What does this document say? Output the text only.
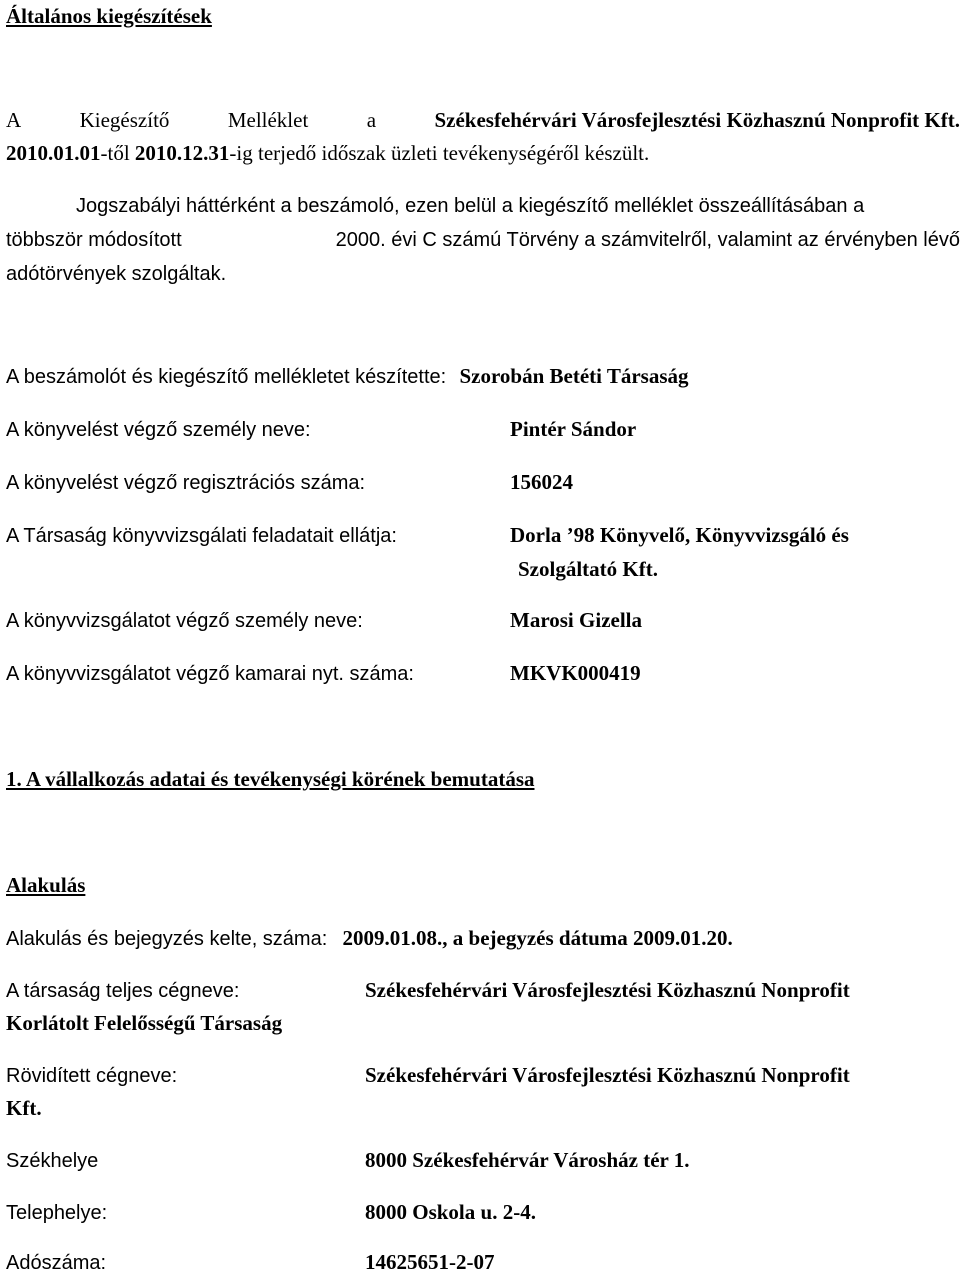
Általános kiegészítések
A	Kiegészítő	Melléklet	a	Székesfehérvári Városfejlesztési Közhasznú Nonprofit Kft.
2010.01.01-től 2010.12.31-ig terjedő időszak üzleti tevékenységéről készült.
Jogszabályi háttérként a beszámoló, ezen belül a kiegészítő melléklet összeállításában a
többször módosított	2000. évi C számú Törvény a számvitelről, valamint az érvényben lévő
adótörvények szolgáltak.
A beszámolót és kiegészítő mellékletet készítette: Szorobán Betéti Társaság
A könyvelést végző személy neve:	Pintér Sándor
A könyvelést végző regisztrációs száma:	156024
A Társaság könyvvizsgálati feladatait ellátja:	Dorla ’98 Könyvelő, Könyvvizsgáló és
Szolgáltató Kft.
A könyvvizsgálatot végző személy neve:	Marosi Gizella
A könyvvizsgálatot végző kamarai nyt. száma:	MKVK000419
1. A vállalkozás adatai és tevékenységi körének bemutatása
Alakulás
Alakulás és bejegyzés kelte, száma: 2009.01.08., a bejegyzés dátuma 2009.01.20.
A társaság teljes cégneve:	Székesfehérvári Városfejlesztési Közhasznú Nonprofit
Korlátolt Felelősségű Társaság
Rövidített cégneve:	Székesfehérvári Városfejlesztési Közhasznú Nonprofit
Kft.
Székhelye	8000 Székesfehérvár Városház tér 1.
Telephelye:	8000 Oskola u. 2-4.
Adószáma:	14625651-2-07
